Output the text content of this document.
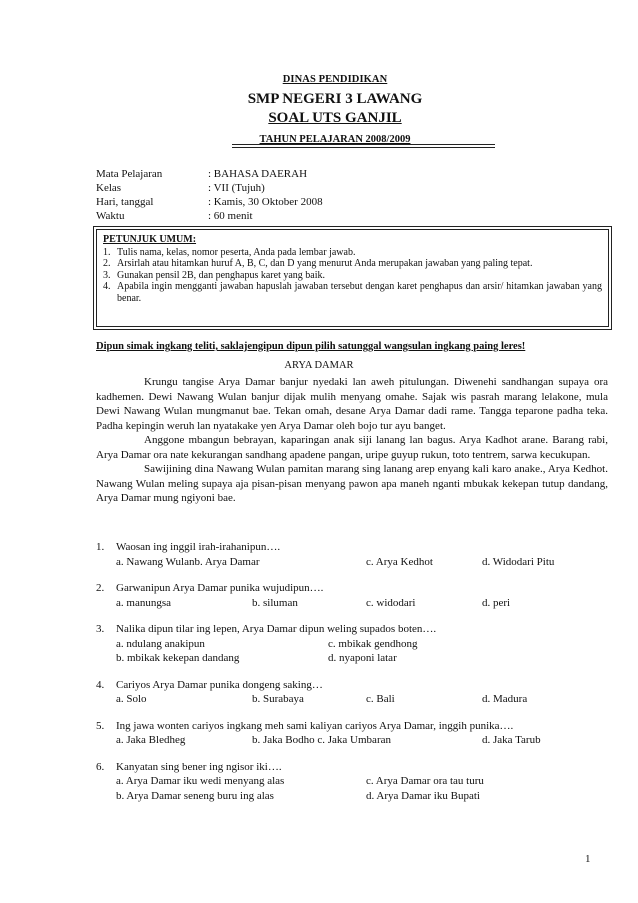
DINAS PENDIDIKAN
SMP NEGERI 3 LAWANG
SOAL UTS GANJIL
TAHUN PELAJARAN 2008/2009
Mata Pelajaran	: BAHASA DAERAH
Kelas	: VII (Tujuh)
Hari, tanggal	: Kamis, 30 Oktober 2008
Waktu	: 60 menit
PETUNJUK UMUM:
1. Tulis nama, kelas, nomor peserta, Anda pada lembar jawab.
2. Arsirlah atau hitamkan huruf A, B, C, dan D yang menurut Anda merupakan jawaban yang paling tepat.
3. Gunakan pensil 2B, dan penghapus karet yang baik.
4. Apabila ingin mengganti jawaban hapuslah jawaban tersebut dengan karet penghapus dan arsir/ hitamkan jawaban yang benar.
Dipun simak ingkang teliti, saklajengipun dipun pilih satunggal wangsulan ingkang paing leres!
ARYA DAMAR

Krungu tangise Arya Damar banjur nyedaki lan aweh pitulungan. Diwenehi sandhangan supaya ora kadhemen. Dewi Nawang Wulan banjur dijak mulih menyang omahe. Sajak wis pasrah marang lelakone, mula Dewi Nawang Wulan mungmanut bae. Tekan omah, desane Arya Damar dadi rame. Tangga teparone padha teka. Padha kepingin weruh lan nyatakake yen Arya Damar oleh bojo tur ayu banget.

Anggone mbangun bebrayan, kaparingan anak siji lanang lan bagus. Arya Kadhot arane. Barang rabi, Arya Damar ora nate kekurangan sandhang apadene pangan, uripe guyup rukun, toto tentrem, sarwa kecukupan.

Sawijining dina Nawang Wulan pamitan marang sing lanang arep enyang kali karo anake., Arya Kedhot. Nawang Wulan meling supaya aja pisan-pisan menyang pawon apa maneh nganti mbukak kekepan tutup dandang, Arya Damar mung ngiyoni bae.

1.	Waosan ing inggil irah-irahanipun….
a. Nawang Wulanb. Arya Damar	c. Arya Kedhot	d. Widodari Pitu
2.	Garwanipun Arya Damar punika wujudipun….
a. manungsa	b. siluman	c. widodari	d. peri
3.	Nalika dipun tilar ing lepen, Arya Damar dipun weling supados boten….
a. ndulang anakipun	c. mbikak gendhong
b. mbikak kekepan dandang	d. nyaponi latar
4.	Cariyos Arya Damar punika dongeng saking…
a. Solo	b. Surabaya	c. Bali	d. Madura
5.	Ing jawa wonten cariyos ingkang meh sami kaliyan cariyos Arya Damar, inggih punika….
a. Jaka Bledheg	b. Jaka Bodho c. Jaka Umbaran	d. Jaka Tarub
6.	Kanyatan sing bener ing ngisor iki….
a. Arya Damar iku wedi menyang alas	c. Arya Damar ora tau turu
b. Arya Damar seneng buru ing alas	d. Arya Damar iku Bupati
1
